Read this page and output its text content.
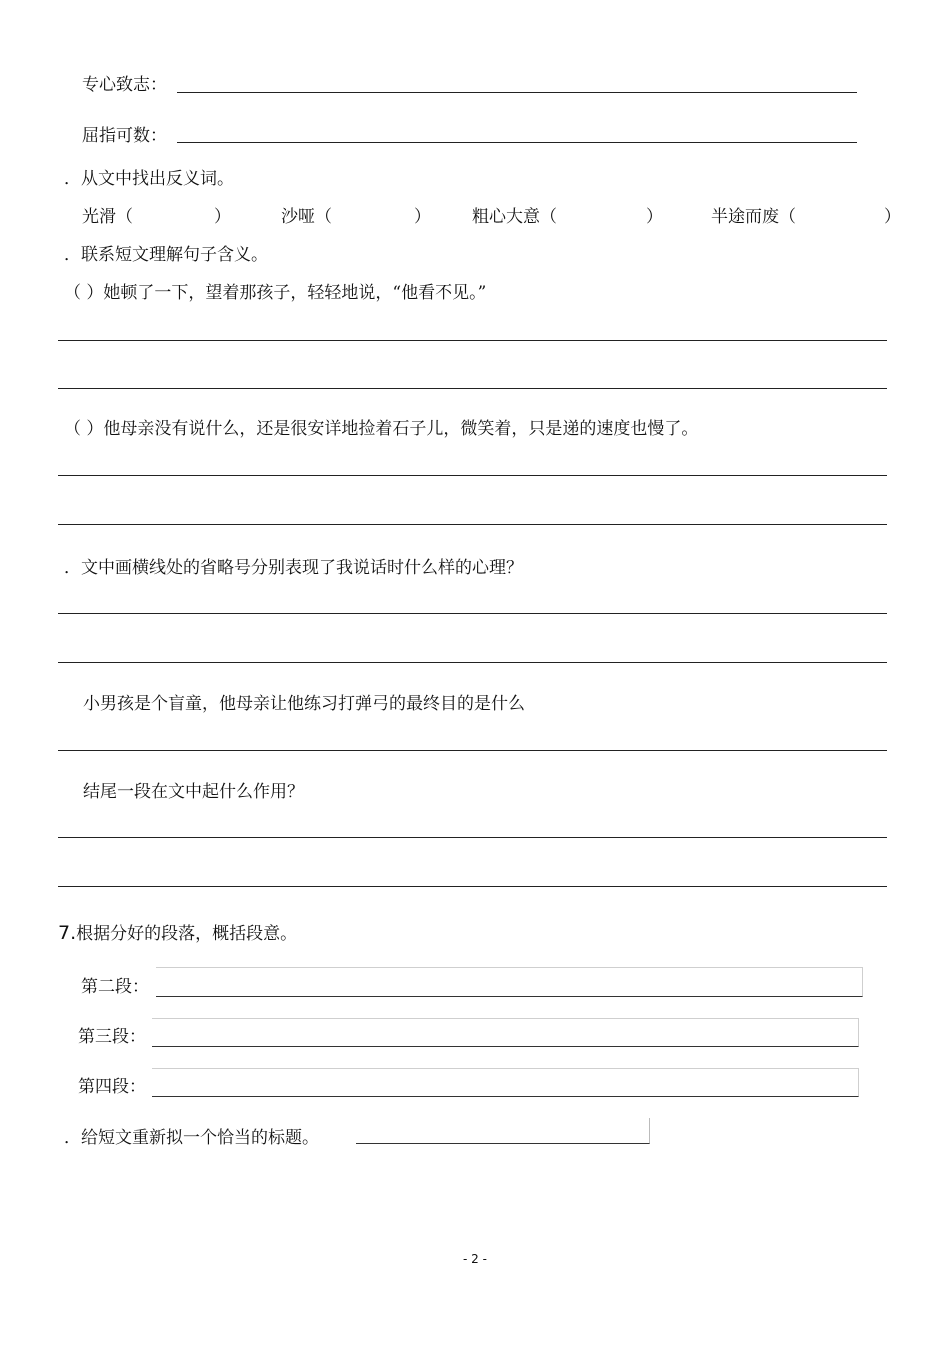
专心致志：
屈指可数：
．从文中找出反义词。
光滑（	）	沙哑（	） 粗心大意（	）	半途而废（	）
．联系短文理解句子含义。
（ ）她顿了一下，望着那孩子，轻轻地说，“他看不见。”
（ ）他母亲没有说什么，还是很安详地捡着石子儿，微笑着，只是递的速度也慢了。
．文中画横线处的省略号分别表现了我说话时什么样的心理？
小男孩是个盲童，他母亲让他练习打弹弓的最终目的是什么
结尾一段在文中起什么作用？
7.根据分好的段落，概括段意。
第二段：
第三段：
第四段：
．给短文重新拟一个恰当的标题。
- 2 -
